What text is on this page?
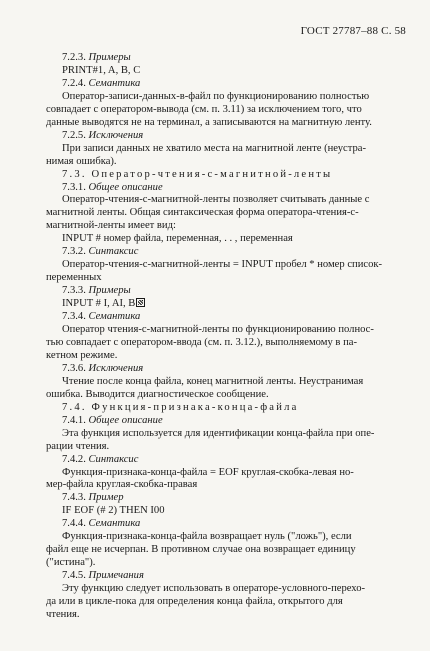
ГОСТ 27787–88 С. 58
7.2.3. Примеры
PRINT#1, A, B, C
7.2.4. Семантика
Оператор-записи-данных-в-файл по функционированию полностью
совпадает с оператором-вывода (см. п. 3.11) за исключением того, что
данные выводятся не на терминал, а записываются на магнитную ленту.
7.2.5. Исключения
При записи данных не хватило места на магнитной ленте (неустра-
нимая ошибка).
7.3. Оператор-чтения-с-магнитной-ленты
7.3.1. Общее описание
Оператор-чтения-с-магнитной-ленты позволяет считывать данные с
магнитной ленты. Общая синтаксическая форма оператора-чтения-с-
магнитной-ленты имеет вид:
INPUT # номер файла, переменная, . . , переменная
7.3.2. Синтаксис
Оператор-чтения-с-магнитной-ленты = INPUT пробел * номер список-
переменных
7.3.3. Примеры
INPUT # I, AI, B
7.3.4. Семантика
Оператор чтения-с-магнитной-ленты по функционированию полнос-
тью совпадает с оператором-ввода (см. п. 3.12.), выполняемому в па-
кетном режиме.
7.3.6. Исключения
Чтение после конца файла, конец магнитной ленты. Неустранимая
ошибка. Выводится диагностическое сообщение.
7.4. Функция-признака-конца-файла
7.4.1. Общее описание
Эта функция используется для идентификации конца-файла при опе-
рации чтения.
7.4.2. Синтаксис
Функция-признака-конца-файла = EOF круглая-скобка-левая но-
мер-файла круглая-скобка-правая
7.4.3. Пример
IF EOF (# 2) THEN I00
7.4.4. Семантика
Функция-признака-конца-файла возвращает нуль ("ложь"), если
файл еще не исчерпан. В противном случае она возвращает единицу
("истина").
7.4.5. Примечания
Эту функцию следует использовать в операторе-условного-перехо-
да или в цикле-пока для определения конца файла, открытого для
чтения.
